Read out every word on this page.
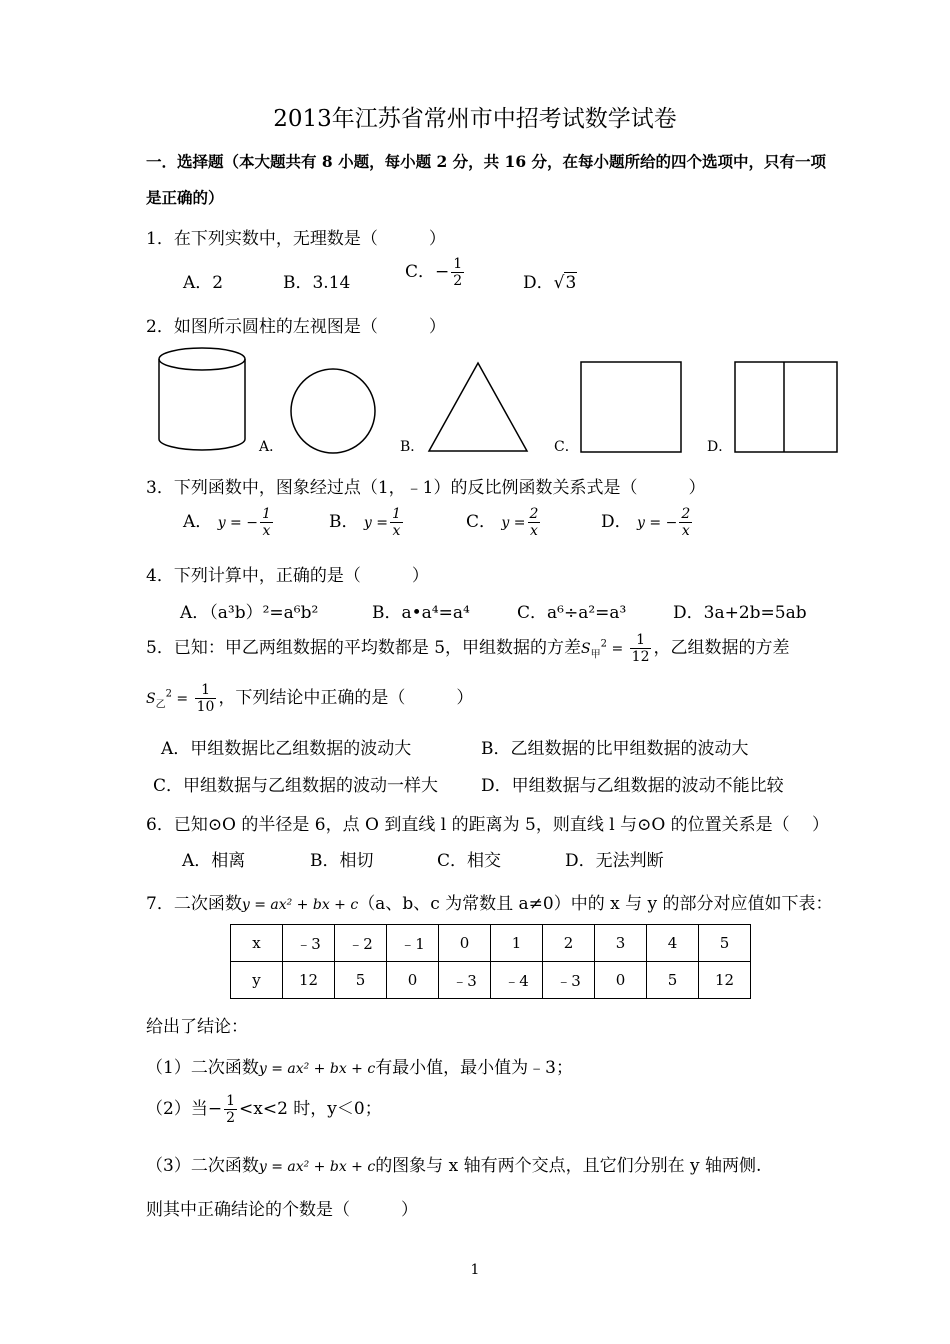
2013年江苏省常州市中招考试数学试卷
一．选择题（本大题共有 8 小题，每小题 2 分，共 16 分，在每小题所给的四个选项中，只有一项
是正确的）
1．在下列实数中，无理数是（　　　）
A．2	B．3.14
C．− $\frac{1}{2}$	D．√3
2．如图所示圆柱的左视图是（　　　）
A．	B．	C．	D．
3．下列函数中，图象经过点（1，﹣1）的反比例函数关系式是（　　　）
A． y = − $\frac{1}{x}$	B． $y = \frac{1}{x}$	C． $y = \frac{2}{x}$	D． y = − $\frac{2}{x}$
4．下列计算中，正确的是（　　　）
A．（a³b）²=a⁶b²	B．a•a⁴=a⁴	C．a⁶÷a²=a³	D．3a+2b=5ab
5．已知：甲乙两组数据的平均数都是 5，甲组数据的方差$S_甲^2 = \frac{1}{12}$ ，乙组数据的方差
$S_乙^2 = \frac{1}{10}$ ，下列结论中正确的是（　　　）
A．甲组数据比乙组数据的波动大	B．乙组数据的比甲组数据的波动大
C．甲组数据与乙组数据的波动一样大	D．甲组数据与乙组数据的波动不能比较
6．已知⊙O 的半径是 6，点 O 到直线 l 的距离为 5，则直线 l 与⊙O 的位置关系是（　 ）
A．相离	B．相切	C．相交	D．无法判断
7．二次函数y = ax² + bx + c（a、b、c 为常数且 a≠0）中的 x 与 y 的部分对应值如下表：
x	﹣3	﹣2	﹣1	0	1	2	3	4	5
y	12	5	0	﹣3	﹣4	﹣3	0	5	12
给出了结论：
（1）二次函数y = ax² + bx + c有最小值，最小值为﹣3；
（2）当− $\frac{1}{2} <x<2$ 时，y＜0；
（3）二次函数y = ax² + bx + c的图象与 x 轴有两个交点，且它们分别在 y 轴两侧.
则其中正确结论的个数是（　　　）
1
